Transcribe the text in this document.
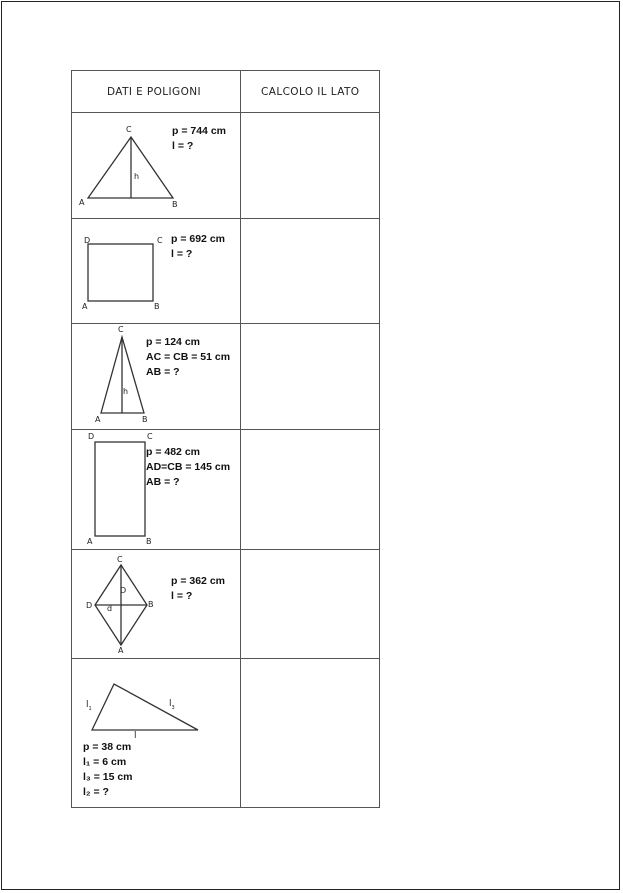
DATI E POLIGONI	CALCOLO IL LATO
C
h
A	B
p = 744 cm
l = ?
D	C
A	B
p = 692 cm
l = ?
C
h
A	B
p = 124 cm
AC = CB = 51 cm
AB = ?
D	C
A	B
p = 482 cm
AD=CB = 145 cm
AB = ?
C
D
D d	B
A
p = 362 cm
l = ?
$l_1$	$l_3$
l
p = 38 cm
l₁ = 6 cm
l₃ = 15 cm
l₂ = ?
